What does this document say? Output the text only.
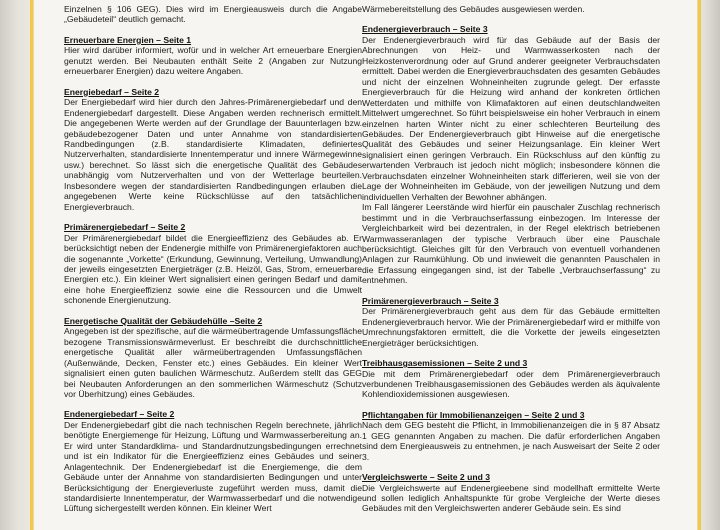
Einzelnen § 106 GEG). Dies wird im Energieausweis durch die Angabe „Gebäudeteil“ deutlich gemacht.
Erneuerbare Energien – Seite 1
Hier wird darüber informiert, wofür und in welcher Art erneuerbare Energien genutzt werden. Bei Neubauten enthält Seite 2 (Angaben zur Nutzung erneuerbarer Energien) dazu weitere Angaben.
Energiebedarf – Seite 2
Der Energiebedarf wird hier durch den Jahres-Primärenergiebedarf und den Endenergiebedarf dargestellt. Diese Angaben werden rechnerisch ermittelt. Die angegebenen Werte werden auf der Grundlage der Bauunterlagen bzw. gebäudebezogener Daten und unter Annahme von standardisierten Randbedingungen (z.B. standardisierte Klimadaten, definiertes Nutzerverhalten, standardisierte Innentemperatur und innere Wärmegewinne usw.) berechnet. So lässt sich die energetische Qualität des Gebäudes unabhängig vom Nutzerverhalten und von der Wetterlage beurteilen. Insbesondere wegen der standardisierten Randbedingungen erlauben die angegebenen Werte keine Rückschlüsse auf den tatsächlichen Energieverbrauch.
Primärenergiebedarf – Seite 2
Der Primärenergiebedarf bildet die Energieeffizienz des Gebäudes ab. Er berücksichtigt neben der Endenergie mithilfe von Primärenergiefaktoren auch die sogenannte „Vorkette“ (Erkundung, Gewinnung, Verteilung, Umwandlung) der jeweils eingesetzten Energieträger (z.B. Heizöl, Gas, Strom, erneuerbare Energien etc.). Ein kleiner Wert signalisiert einen geringen Bedarf und damit eine hohe Energieeffizienz sowie eine die Ressourcen und die Umwelt schonende Energienutzung.
Energetische Qualität der Gebäudehülle –Seite 2
Angegeben ist der spezifische, auf die wärmeübertragende Umfassungsfläche bezogene Transmissionswärmeverlust. Er beschreibt die durchschnittliche energetische Qualität aller wärmeübertragenden Umfassungsflächen (Außenwände, Decken, Fenster etc.) eines Gebäudes. Ein kleiner Wert signalisiert einen guten baulichen Wärmeschutz. Außerdem stellt das GEG bei Neubauten Anforderungen an den sommerlichen Wärmeschutz (Schutz vor Überhitzung) eines Gebäudes.
Endenergiebedarf – Seite 2
Der Endenergiebedarf gibt die nach technischen Regeln berechnete, jährlich benötigte Energiemenge für Heizung, Lüftung und Warmwasserbereitung an. Er wird unter Standardklima- und Standardnutzungsbedingungen errechnet und ist ein Indikator für die Energieeffizienz eines Gebäudes und seiner Anlagentechnik. Der Endenergiebedarf ist die Energiemenge, die dem Gebäude unter der Annahme von standardisierten Bedingungen und unter Berücksichtigung der Energieverluste zugeführt werden muss, damit die standardisierte Innentemperatur, der Warmwasserbedarf und die notwendige Lüftung sichergestellt werden können. Ein kleiner Wert
Wärmebereitstellung des Gebäudes ausgewiesen werden.
Endenergieverbrauch – Seite 3
Der Endenergieverbrauch wird für das Gebäude auf der Basis der Abrechnungen von Heiz- und Warmwasserkosten nach der Heizkostenverordnung oder auf Grund anderer geeigneter Verbrauchsdaten ermittelt. Dabei werden die Energieverbrauchsdaten des gesamten Gebäudes und nicht der einzelnen Wohneinheiten zugrunde gelegt. Der erfasste Energieverbrauch für die Heizung wird anhand der konkreten örtlichen Wetterdaten und mithilfe von Klimafaktoren auf einen deutschlandweiten Mittelwert umgerechnet. So führt beispielsweise ein hoher Verbrauch in einem einzelnen harten Winter nicht zu einer schlechteren Beurteilung des Gebäudes. Der Endenergieverbrauch gibt Hinweise auf die energetische Qualität des Gebäudes und seiner Heizungsanlage. Ein kleiner Wert signalisiert einen geringen Verbrauch. Ein Rückschluss auf den künftig zu erwartenden Verbrauch ist jedoch nicht möglich; insbesondere können die Verbrauchsdaten einzelner Wohneinheiten stark differieren, weil sie von der Lage der Wohneinheiten im Gebäude, von der jeweiligen Nutzung und dem individuellen Verhalten der Bewohner abhängen.
Im Fall längerer Leerstände wird hierfür ein pauschaler Zuschlag rechnerisch bestimmt und in die Verbrauchserfassung einbezogen. Im Interesse der Vergleichbarkeit wird bei dezentralen, in der Regel elektrisch betriebenen Warmwasseranlagen der typische Verbrauch über eine Pauschale berücksichtigt. Gleiches gilt für den Verbrauch von eventuell vorhandenen Anlagen zur Raumkühlung. Ob und inwieweit die genannten Pauschalen in die Erfassung eingegangen sind, ist der Tabelle „Verbrauchserfassung“ zu entnehmen.
Primärenergieverbrauch – Seite 3
Der Primärenergieverbrauch geht aus dem für das Gebäude ermittelten Endenergieverbrauch hervor. Wie der Primärenergiebedarf wird er mithilfe von Umrechnungsfaktoren ermittelt, die die Vorkette der jeweils eingesetzten Energieträger berücksichtigen.
Treibhausgasemissionen – Seite 2 und 3
Die mit dem Primärenergiebedarf oder dem Primärenergieverbrauch verbundenen Treibhausgasemissionen des Gebäudes werden als äquivalente Kohlendioxidemissionen ausgewiesen.
Pflichtangaben für Immobilienanzeigen – Seite 2 und 3
Nach dem GEG besteht die Pflicht, in Immobilienanzeigen die in § 87 Absatz 1 GEG genannten Angaben zu machen. Die dafür erforderlichen Angaben sind dem Energieausweis zu entnehmen, je nach Ausweisart der Seite 2 oder 3.
Vergleichswerte – Seite 2 und 3
Die Vergleichswerte auf Endenergieebene sind modellhaft ermittelte Werte und sollen lediglich Anhaltspunkte für grobe Vergleiche der Werte dieses Gebäudes mit den Vergleichswerten anderer Gebäude sein. Es sind
